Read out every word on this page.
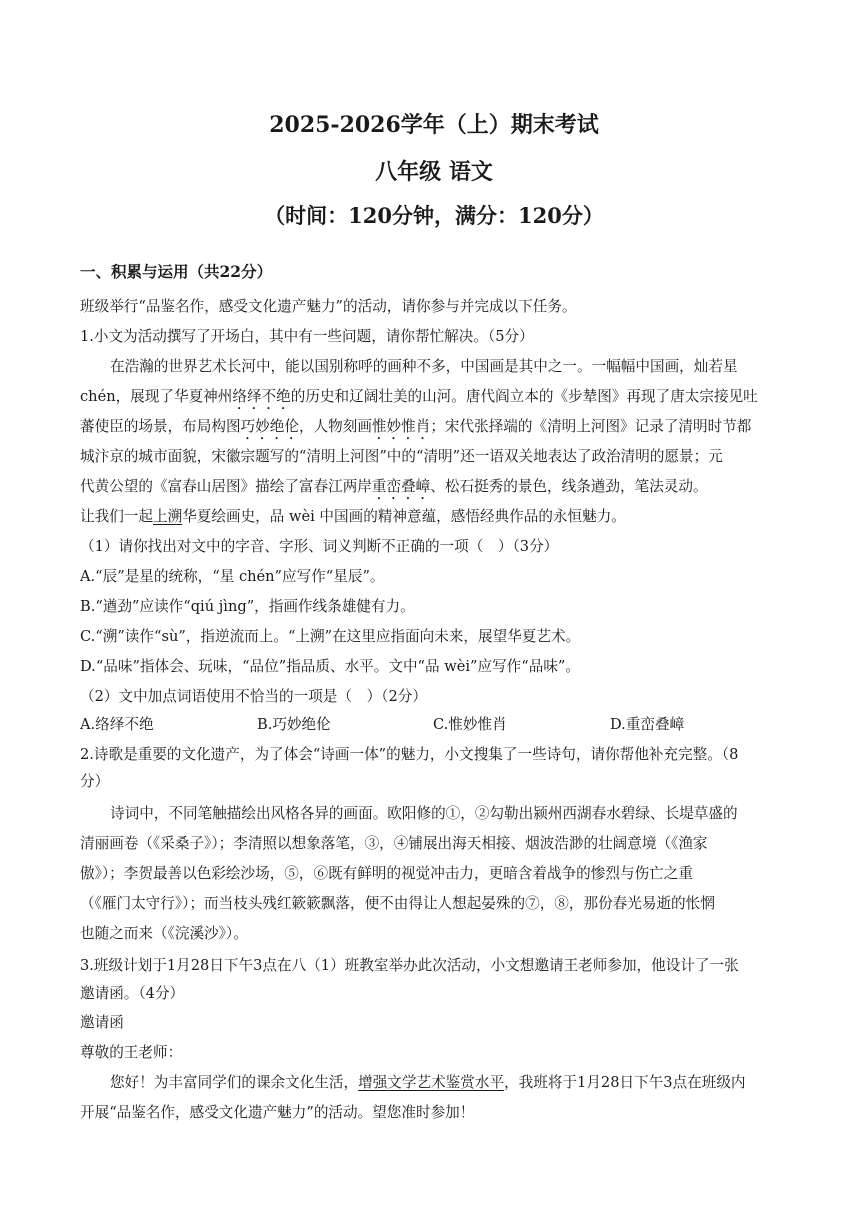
2025-2026学年（上）期末考试
八年级 语文
（时间：120分钟，满分：120分）
一、积累与运用（共22分）
班级举行“品鉴名作，感受文化遗产魅力”的活动，请你参与并完成以下任务。
1.小文为活动撰写了开场白，其中有一些问题，请你帮忙解决。（5分）
在浩瀚的世界艺术长河中，能以国别称呼的画种不多，中国画是其中之一。一幅幅中国画，灿若星
chén，展现了华夏神州络绎不绝的历史和辽阔壮美的山河。唐代阎立本的《步辇图》再现了唐太宗接见吐
蕃使臣的场景，布局构图巧妙绝伦，人物刻画惟妙惟肖；宋代张择端的《清明上河图》记录了清明时节都
城汴京的城市面貌，宋徽宗题写的“清明上河图”中的“清明”还一语双关地表达了政治清明的愿景；元
代黄公望的《富春山居图》描绘了富春江两岸重峦叠嶂、松石挺秀的景色，线条遒劲，笔法灵动。
让我们一起上溯华夏绘画史，品 wèi 中国画的精神意蕴，感悟经典作品的永恒魅力。
（1）请你找出对文中的字音、字形、词义判断不正确的一项（　）（3分）
A.“辰”是星的统称，“星 chén”应写作“星辰”。
B.“遒劲”应读作“qiú jìng”，指画作线条雄健有力。
C.“溯”读作“sù”，指逆流而上。“上溯”在这里应指面向未来，展望华夏艺术。
D.“品味”指体会、玩味，“品位”指品质、水平。文中“品 wèi”应写作“品味”。
（2）文中加点词语使用不恰当的一项是（　）（2分）
A.络绎不绝	B.巧妙绝伦	C.惟妙惟肖	D.重峦叠嶂
2.诗歌是重要的文化遗产，为了体会“诗画一体”的魅力，小文搜集了一些诗句，请你帮他补充完整。（8
分）
诗词中，不同笔触描绘出风格各异的画面。欧阳修的①，②勾勒出颍州西湖春水碧绿、长堤草盛的
清丽画卷（《采桑子》）；李清照以想象落笔，③，④铺展出海天相接、烟波浩渺的壮阔意境（《渔家
傲》）；李贺最善以色彩绘沙场，⑤，⑥既有鲜明的视觉冲击力，更暗含着战争的惨烈与伤亡之重
（《雁门太守行》）；而当枝头残红簌簌飘落，便不由得让人想起晏殊的⑦，⑧，那份春光易逝的怅惘
也随之而来（《浣溪沙》）。
3.班级计划于1月28日下午3点在八（1）班教室举办此次活动，小文想邀请王老师参加，他设计了一张
邀请函。（4分）
邀请函
尊敬的王老师：
您好！为丰富同学们的课余文化生活，增强文学艺术鉴赏水平，我班将于1月28日下午3点在班级内
开展“品鉴名作，感受文化遗产魅力”的活动。望您准时参加！
